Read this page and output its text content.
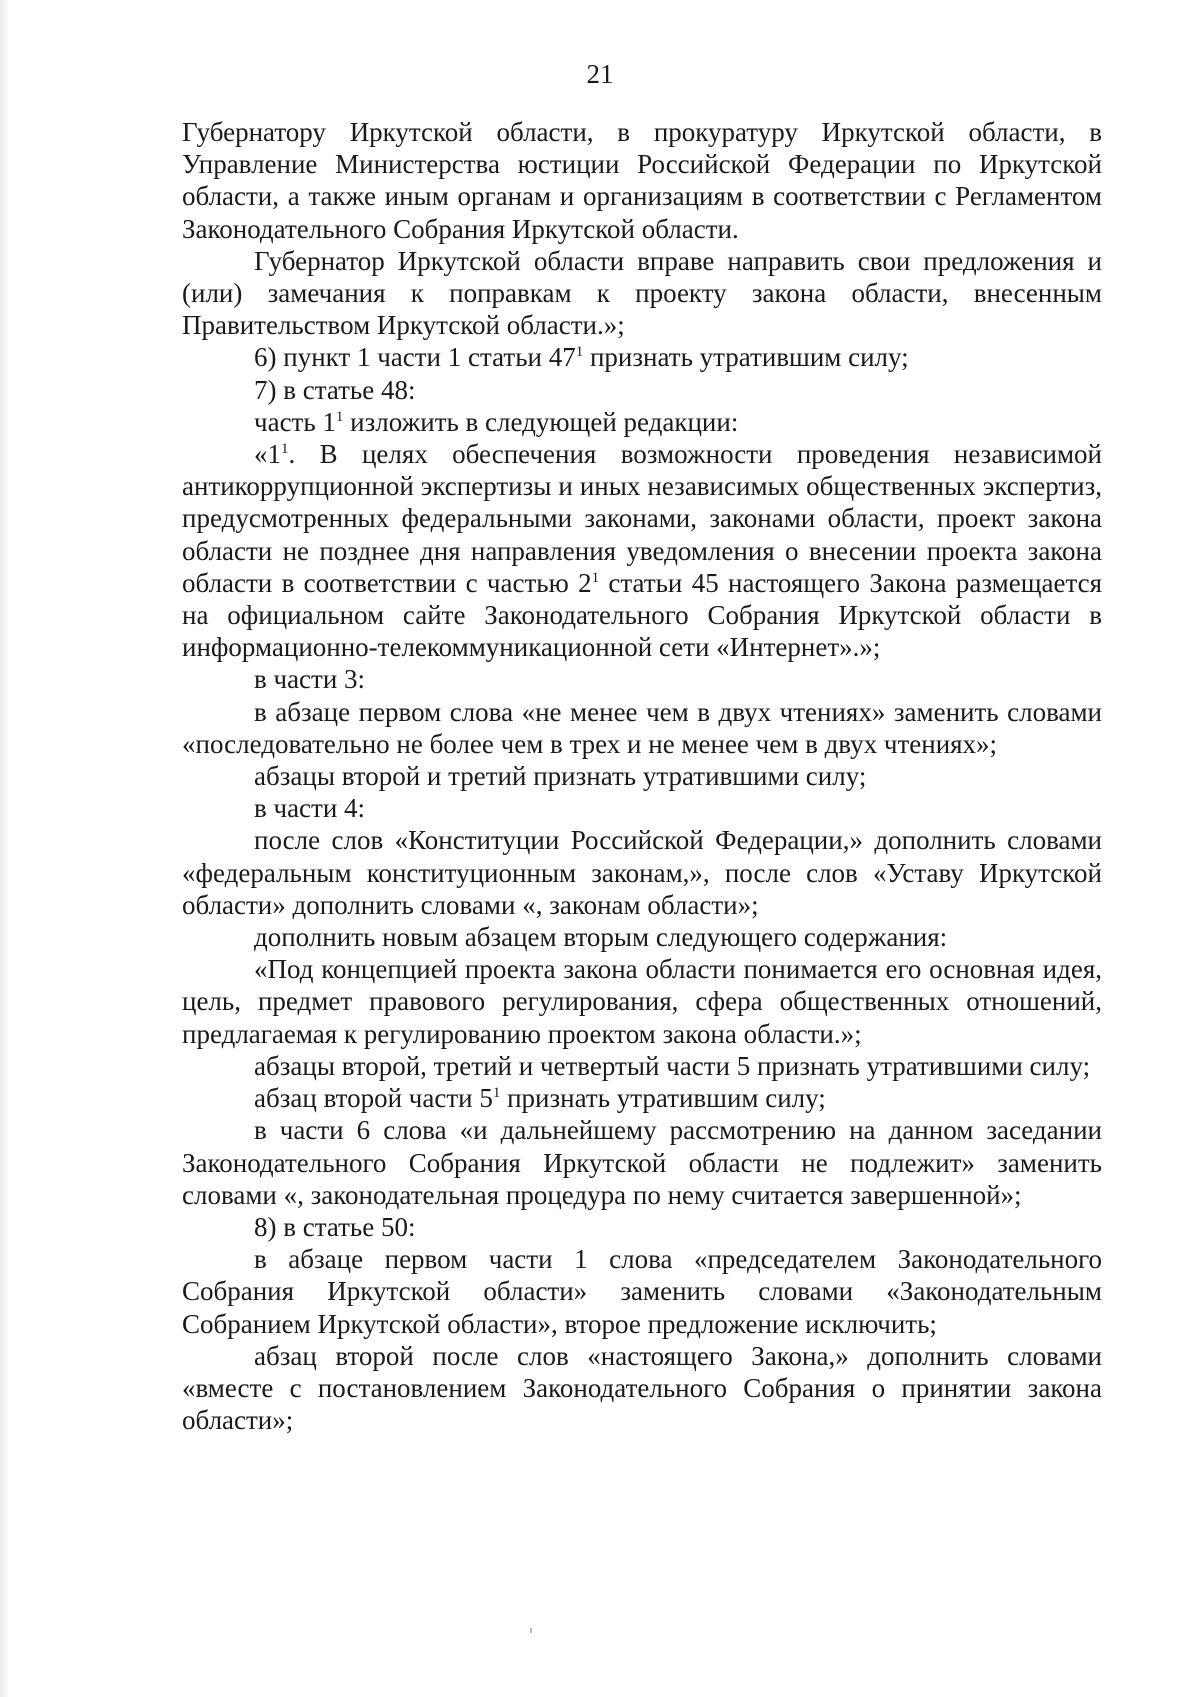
21

Губернатору Иркутской области, в прокуратуру Иркутской области, в Управление Министерства юстиции Российской Федерации по Иркутской области, а также иным органам и организациям в соответствии с Регламентом Законодательного Собрания Иркутской области.

Губернатор Иркутской области вправе направить свои предложения и (или) замечания к поправкам к проекту закона области, внесенным Правительством Иркутской области.»;

6) пункт 1 части 1 статьи $47^1$ признать утратившим силу;

7) в статье 48:

часть $1^1$ изложить в следующей редакции:

«$1^1$. В целях обеспечения возможности проведения независимой антикоррупционной экспертизы и иных независимых общественных экспертиз, предусмотренных федеральными законами, законами области, проект закона области не позднее дня направления уведомления о внесении проекта закона области в соответствии с частью $2^1$ статьи 45 настоящего Закона размещается на официальном сайте Законодательного Собрания Иркутской области в информационно-телекоммуникационной сети «Интернет».»;

в части 3:

в абзаце первом слова «не менее чем в двух чтениях» заменить словами «последовательно не более чем в трех и не менее чем в двух чтениях»;

абзацы второй и третий признать утратившими силу;

в части 4:

после слов «Конституции Российской Федерации,» дополнить словами «федеральным конституционным законам,», после слов «Уставу Иркутской области» дополнить словами «, законам области»;

дополнить новым абзацем вторым следующего содержания:

«Под концепцией проекта закона области понимается его основная идея, цель, предмет правового регулирования, сфера общественных отношений, предлагаемая к регулированию проектом закона области.»;

абзацы второй, третий и четвертый части 5 признать утратившими силу;

абзац второй части $5^1$ признать утратившим силу;

в части 6 слова «и дальнейшему рассмотрению на данном заседании Законодательного Собрания Иркутской области не подлежит» заменить словами «, законодательная процедура по нему считается завершенной»;

8) в статье 50:

в абзаце первом части 1 слова «председателем Законодательного Собрания Иркутской области» заменить словами «Законодательным Собранием Иркутской области», второе предложение исключить;

абзац второй после слов «настоящего Закона,» дополнить словами «вместе с постановлением Законодательного Собрания о принятии закона области»;
